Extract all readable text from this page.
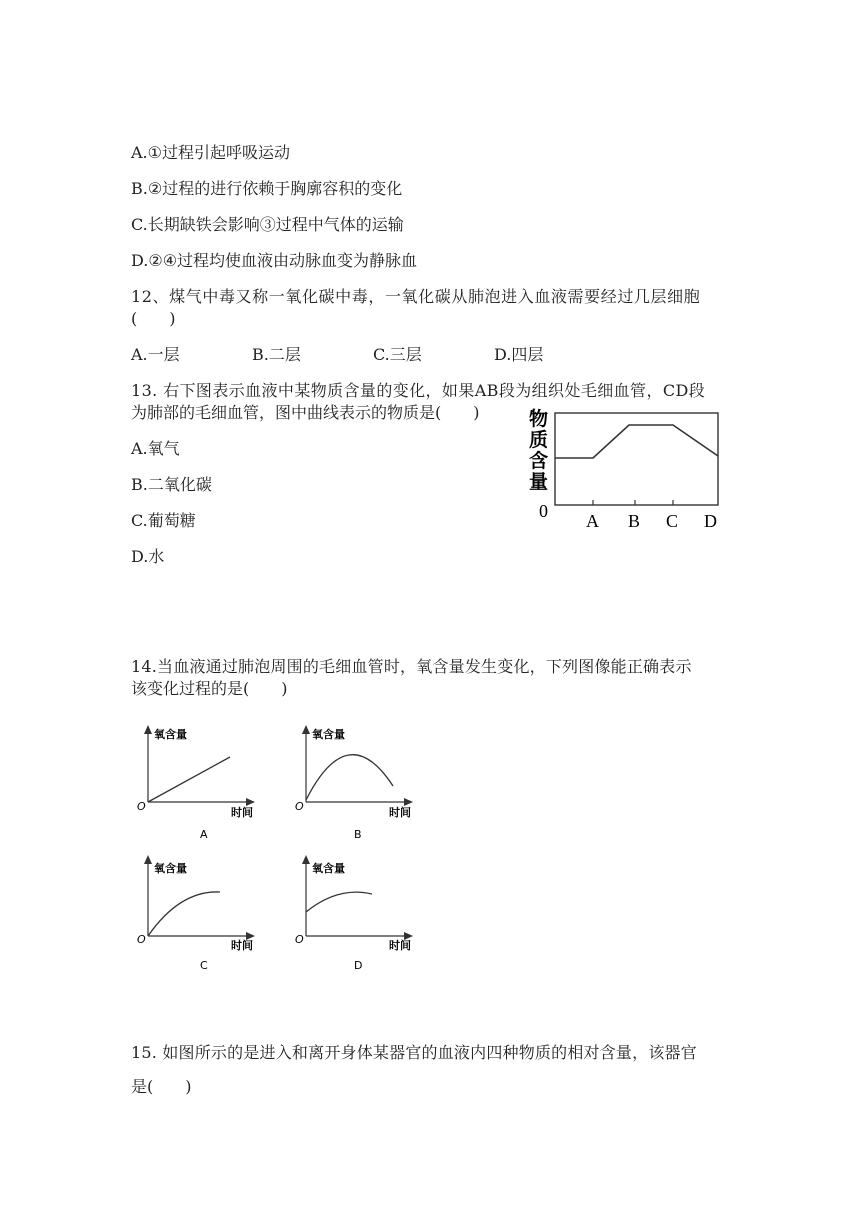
A.①过程引起呼吸运动
B.②过程的进行依赖于胸廓容积的变化
C.长期缺铁会影响③过程中气体的运输
D.②④过程均使血液由动脉血变为静脉血
12、煤气中毒又称一氧化碳中毒，一氧化碳从肺泡进入血液需要经过几层细胞
(　　)
A.一层	B.二层	C.三层	D.四层
13. 右下图表示血液中某物质含量的变化，如果AB段为组织处毛细血管，CD段
为肺部的毛细血管，图中曲线表示的物质是(　　)
A.氧气
B.二氧化碳
C.葡萄糖
D.水
物
质
含
量
0 A B C D
14.当血液通过肺泡周围的毛细血管时，氧含量发生变化，下列图像能正确表示
该变化过程的是(　　)
氧含量
时间
O
A
氧含量
时间
O
B
氧含量
时间
O
C
氧含量
时间
O
D
15. 如图所示的是进入和离开身体某器官的血液内四种物质的相对含量，该器官
是(　　)
